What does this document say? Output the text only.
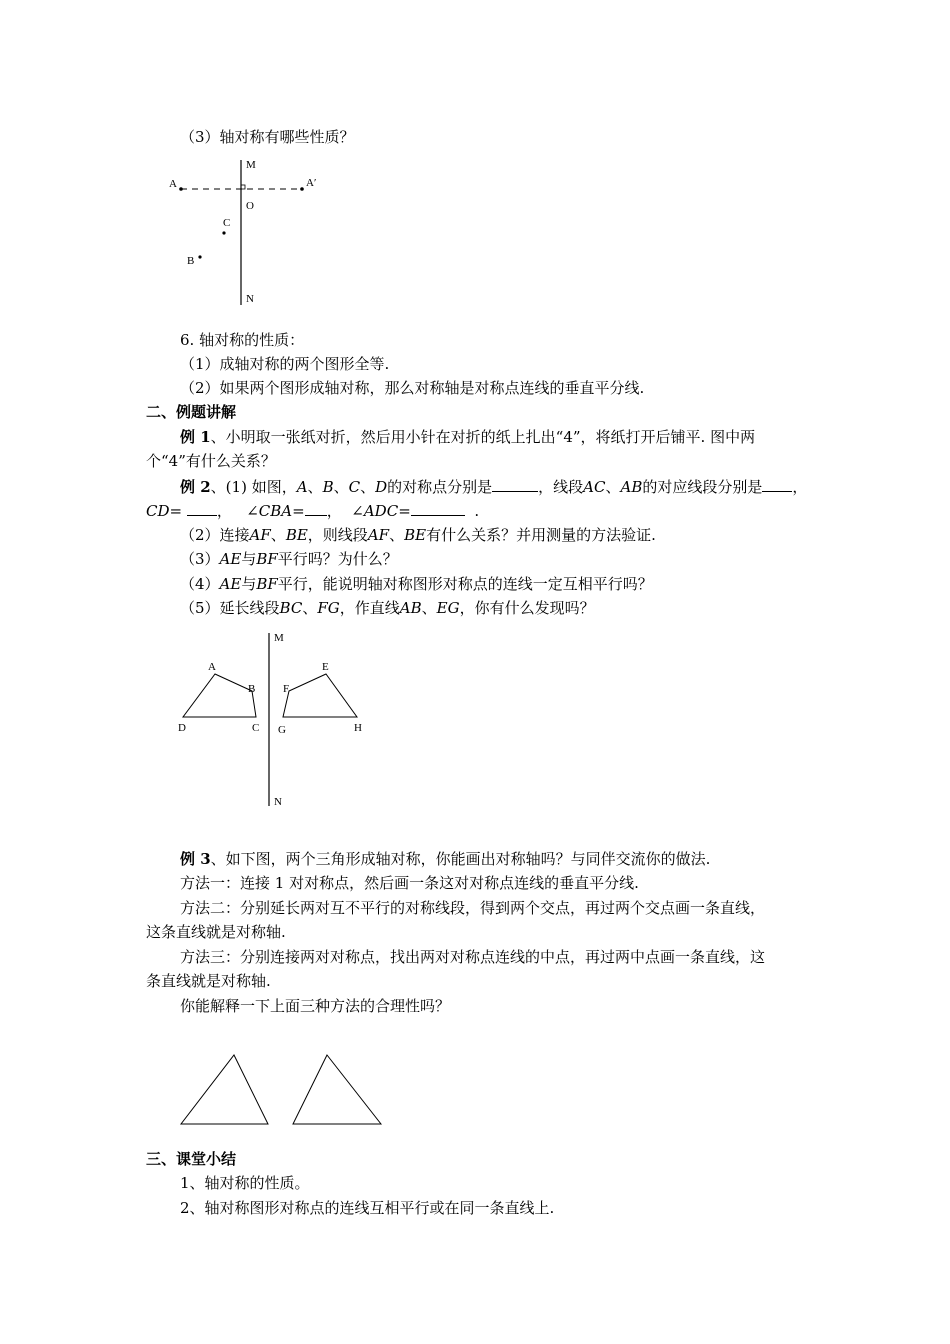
（3）轴对称有哪些性质？
M
N
O
A	A′
C
B
6. 轴对称的性质：
（1）成轴对称的两个图形全等.
（2）如果两个图形成轴对称，那么对称轴是对称点连线的垂直平分线.
二、例题讲解
例 1、小明取一张纸对折，然后用小针在对折的纸上扎出“4”，将纸打开后铺平. 图中两
个“4”有什么关系？
例 2、(1) 如图，A、B、C、D的对称点分别是	，线段AC、AB的对应线段分别是 ，
CD= ， ∠CBA= ， ∠ADC=	.
（2）连接AF、BE，则线段AF、BE有什么关系？并用测量的方法验证.
（3）AE与BF平行吗？为什么？
（4）AE与BF平行，能说明轴对称图形对称点的连线一定互相平行吗？
（5）延长线段BC、FG，作直线AB、EG，你有什么发现吗？
M
N
A
B
C
D
E
F
G	H
例 3、如下图，两个三角形成轴对称，你能画出对称轴吗？与同伴交流你的做法.
方法一：连接 1 对对称点，然后画一条这对对称点连线的垂直平分线.
方法二：分别延长两对互不平行的对称线段，得到两个交点，再过两个交点画一条直线，
这条直线就是对称轴.
方法三：分别连接两对对称点，找出两对对称点连线的中点，再过两中点画一条直线，这
条直线就是对称轴.
你能解释一下上面三种方法的合理性吗？
三、课堂小结
1、轴对称的性质。
2、轴对称图形对称点的连线互相平行或在同一条直线上.
